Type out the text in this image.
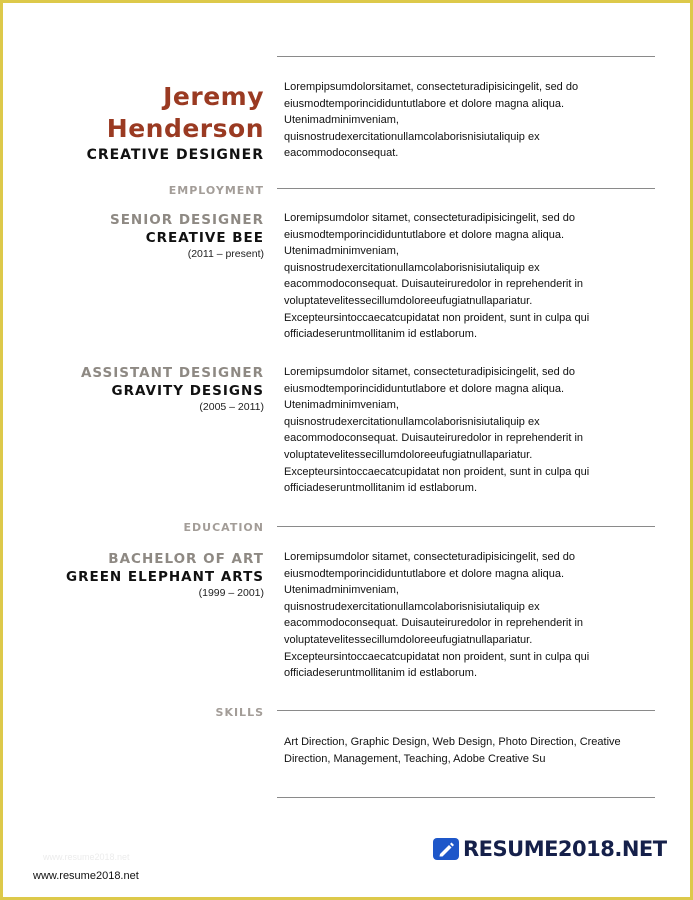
Jeremy
Henderson
CREATIVE DESIGNER
Lorempipsumdolorsitamet, consecteturadipisicingelit, sed do eiusmodtemporincididuntutlabore et dolore magna aliqua. Utenimadminimveniam, quisnostrudexercitationullamcolaborisnisiutaliquip ex eacommodoconsequat.
EMPLOYMENT
SENIOR DESIGNER
CREATIVE BEE
(2011 – present)
Loremipsumdolor sitamet, consecteturadipisicingelit, sed do eiusmodtemporincididuntutlabore et dolore magna aliqua. Utenimadminimveniam, quisnostrudexercitationullamcolaborisnisiutaliquip ex eacommodoconsequat. Duisauteiruredolor in reprehenderit in voluptatevelitessecillumdoloreeufugiatnullapariatur. Excepteursintoccaecatcupidatat non proident, sunt in culpa qui officiadeseruntmollitanim id estlaborum.
ASSISTANT DESIGNER
GRAVITY DESIGNS
(2005 – 2011)
Loremipsumdolor sitamet, consecteturadipisicingelit, sed do eiusmodtemporincididuntutlabore et dolore magna aliqua. Utenimadminimveniam, quisnostrudexercitationullamcolaborisnisiutaliquip ex eacommodoconsequat. Duisauteiruredolor in reprehenderit in voluptatevelitessecillumdoloreeufugiatnullapariatur. Excepteursintoccaecatcupidatat non proident, sunt in culpa qui officiadeseruntmollitanim id estlaborum.
EDUCATION
BACHELOR OF ART
GREEN ELEPHANT ARTS
(1999 – 2001)
Loremipsumdolor sitamet, consecteturadipisicingelit, sed do eiusmodtemporincididuntutlabore et dolore magna aliqua. Utenimadminimveniam, quisnostrudexercitationullamcolaborisnisiutaliquip ex eacommodoconsequat. Duisauteiruredolor in reprehenderit in voluptatevelitessecillumdoloreeufugiatnullapariatur. Excepteursintoccaecatcupidatat non proident, sunt in culpa qui officiadeseruntmollitanim id estlaborum.
SKILLS
Art Direction, Graphic Design, Web Design, Photo Direction, Creative Direction, Management, Teaching, Adobe Creative Su
www.resume2018.net	RESUME2018.NET
www.resume2018.net
